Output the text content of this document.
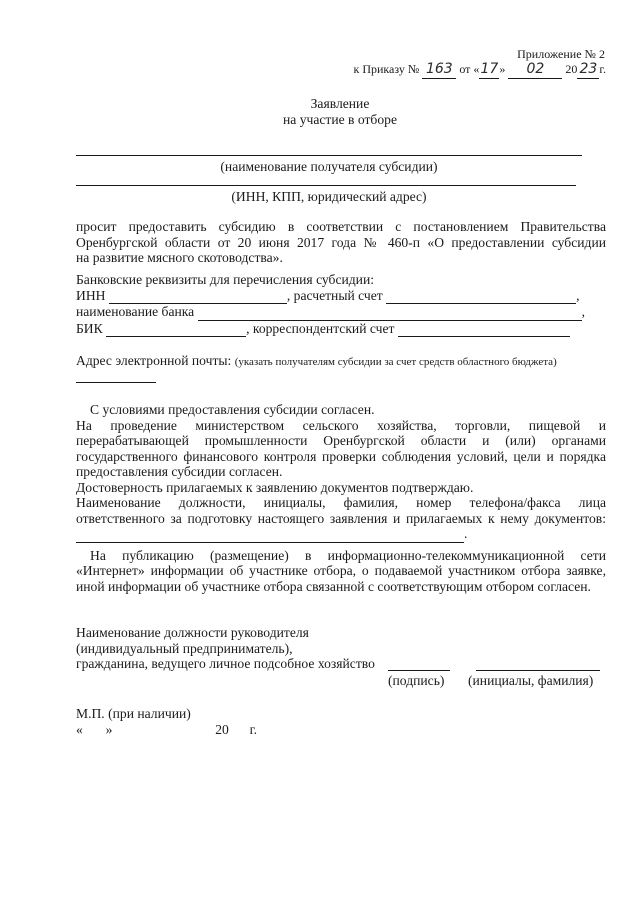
Приложение № 2
к Приказу № 163 от «17» 02 20 23 г.
Заявление
на участие в отборе
(наименование получателя субсидии)
(ИНН, КПП, юридический адрес)
просит предоставить субсидию в соответствии с постановлением Правительства
Оренбургской области от 20 июня 2017 года № 460-п «О предоставлении субсидии
на развитие мясного скотоводства».
Банковские реквизиты для перечисления субсидии:
ИНН	, расчетный счет	,
наименование банка	,
БИК	, корреспондентский счет
Адрес электронной почты: (указать получателям субсидии за счет средств областного бюджета)
С условиями предоставления субсидии согласен.
На проведение министерством сельского хозяйства, торговли, пищевой и
перерабатывающей промышленности Оренбургской области и (или) органами
государственного финансового контроля проверки соблюдения условий, цели и порядка
предоставления субсидии согласен.
Достоверность прилагаемых к заявлению документов подтверждаю.
Наименование должности, инициалы, фамилия, номер телефона/факса лица
ответственного за подготовку настоящего заявления и прилагаемых к нему документов:
.
На публикацию (размещение) в информационно-телекоммуникационной сети
«Интернет» информации об участнике отбора, о подаваемой участником отбора заявке,
иной информации об участнике отбора связанной с соответствующим отбором согласен.
Наименование должности руководителя
(индивидуальный предприниматель),
гражданина, ведущего личное подсобное хозяйство
(подпись) (инициалы, фамилия)
М.П. (при наличии)
« »	20 г.
